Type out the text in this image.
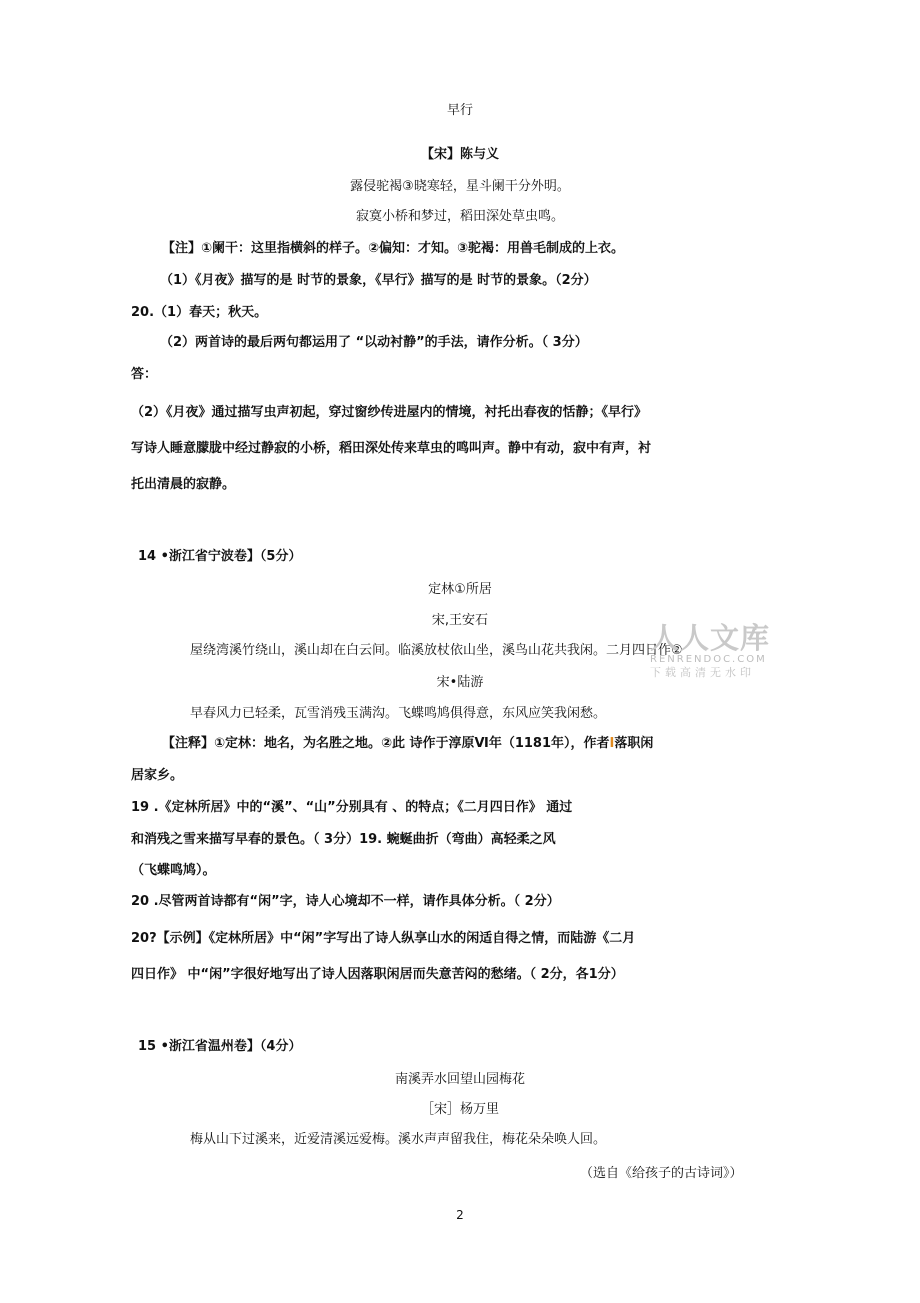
早行
【宋】陈与义
露侵驼褐③晓寒轻，星斗阑干分外明。
寂寞小桥和梦过，稻田深处草虫鸣。
【注】①阑干：这里指横斜的样子。②偏知：才知。③驼褐：用兽毛制成的上衣。
（1）《月夜》描写的是 时节的景象，《早行》描写的是 时节的景象。（2分）
20.（1）春天；秋天。
（2）两首诗的最后两句都运用了 “以动衬静”的手法，请作分析。（ 3分）
答：
（2）《月夜》通过描写虫声初起，穿过窗纱传进屋内的情境，衬托出春夜的恬静；《早行》
写诗人睡意朦胧中经过静寂的小桥，稻田深处传来草虫的鸣叫声。静中有动，寂中有声，衬
托出清晨的寂静。
14 •浙江省宁波卷】（5分）
定林①所居
宋,王安石
屋绕湾溪竹绕山，溪山却在白云间。临溪放杖依山坐，溪鸟山花共我闲。二月四日作②
宋•陆游
早春风力已轻柔，瓦雪消残玉满沟。飞蝶鸣鸠俱得意，东风应笑我闲愁。
【注释】①定林：地名，为名胜之地。②此 诗作于淳原Ⅵ年（1181年），作者I落职闲
居家乡。
19 .《定林所居》中的“溪”、“山”分别具有 、的特点；《二月四日作》 通过
和消残之雪来描写早春的景色。（ 3分）19. 蜿蜒曲折（弯曲）高轻柔之风
（飞蝶鸣鸠）。
20 .尽管两首诗都有“闲”字，诗人心境却不一样，请作具体分析。（ 2分）
20?【示例】《定林所居》中“闲”字写出了诗人纵享山水的闲适自得之情，而陆游《二月
四日作》 中“闲”字很好地写出了诗人因落职闲居而失意苦闷的愁绪。（ 2分，各1分）
15 •浙江省温州卷】（4分）
南溪弄水回望山园梅花
［宋］杨万里
梅从山下过溪来，近爱清溪远爱梅。溪水声声留我住，梅花朵朵唤人回。
（选自《给孩子的古诗词》）
2
人人文库
RENRENDOC.COM
下载高清无水印
